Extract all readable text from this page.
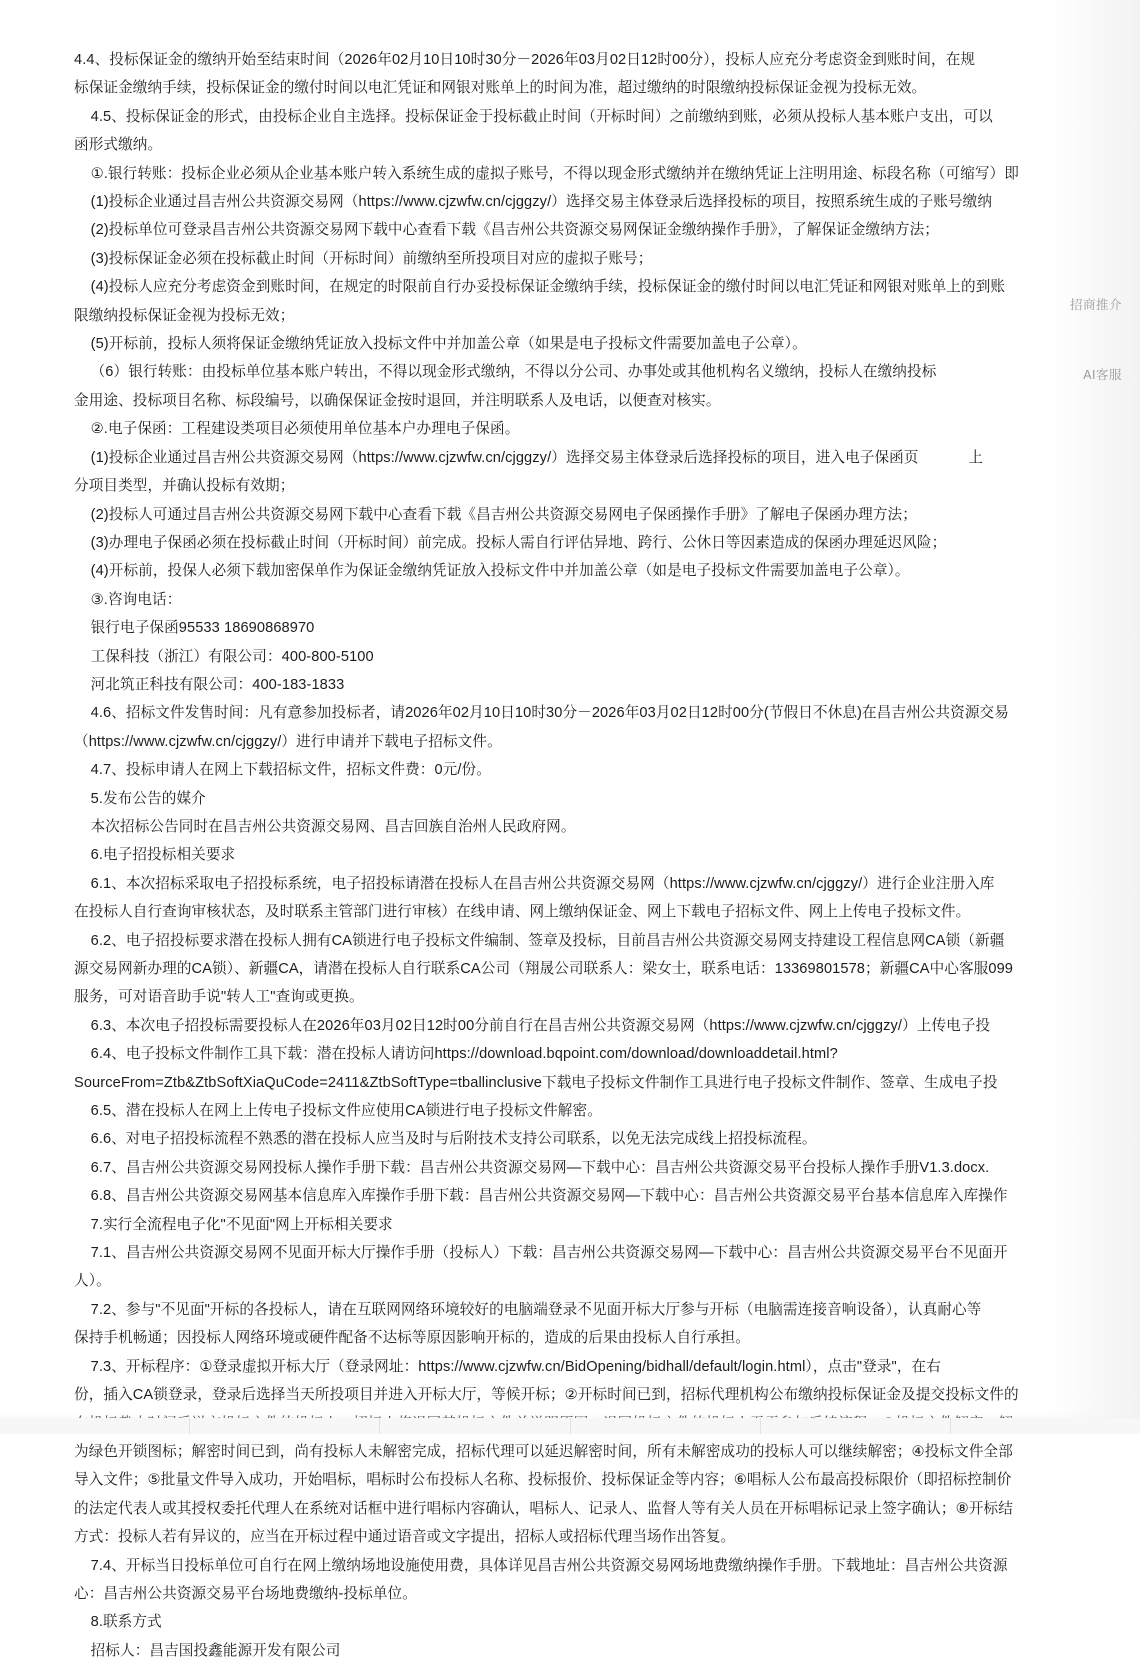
4.4、投标保证金的缴纳开始至结束时间（2026年02月10日10时30分－2026年03月02日12时00分），投标人应充分考虑资金到账时间，在规

标保证金缴纳手续，投标保证金的缴付时间以电汇凭证和网银对账单上的时间为准，超过缴纳的时限缴纳投标保证金视为投标无效。

4.5、投标保证金的形式，由投标企业自主选择。投标保证金于投标截止时间（开标时间）之前缴纳到账，必须从投标人基本账户支出，可以

函形式缴纳。

①.银行转账：投标企业必须从企业基本账户转入系统生成的虚拟子账号，不得以现金形式缴纳并在缴纳凭证上注明用途、标段名称（可缩写）即

(1)投标企业通过昌吉州公共资源交易网（https://www.cjzwfw.cn/cjggzy/）选择交易主体登录后选择投标的项目，按照系统生成的子账号缴纳

(2)投标单位可登录昌吉州公共资源交易网下载中心查看下载《昌吉州公共资源交易网保证金缴纳操作手册》，了解保证金缴纳方法；

(3)投标保证金必须在投标截止时间（开标时间）前缴纳至所投项目对应的虚拟子账号；

(4)投标人应充分考虑资金到账时间，在规定的时限前自行办妥投标保证金缴纳手续，投标保证金的缴付时间以电汇凭证和网银对账单上的到账

限缴纳投标保证金视为投标无效；

(5)开标前，投标人须将保证金缴纳凭证放入投标文件中并加盖公章（如果是电子投标文件需要加盖电子公章）。

（6）银行转账：由投标单位基本账户转出，不得以现金形式缴纳，不得以分公司、办事处或其他机构名义缴纳，投标人在缴纳投标

金用途、投标项目名称、标段编号，以确保保证金按时退回，并注明联系人及电话，以便查对核实。

②.电子保函：工程建设类项目必须使用单位基本户办理电子保函。

(1)投标企业通过昌吉州公共资源交易网（https://www.cjzwfw.cn/cjggzy/）选择交易主体登录后选择投标的项目，进入电子保函页            上

分项目类型，并确认投标有效期；

(2)投标人可通过昌吉州公共资源交易网下载中心查看下载《昌吉州公共资源交易网电子保函操作手册》了解电子保函办理方法；

(3)办理电子保函必须在投标截止时间（开标时间）前完成。投标人需自行评估异地、跨行、公休日等因素造成的保函办理延迟风险；

(4)开标前，投保人必须下载加密保单作为保证金缴纳凭证放入投标文件中并加盖公章（如是电子投标文件需要加盖电子公章）。

③.咨询电话：

银行电子保函95533 18690868970

工保科技（浙江）有限公司：400-800-5100

河北筑正科技有限公司：400-183-1833

4.6、招标文件发售时间：凡有意参加投标者，请2026年02月10日10时30分－2026年03月02日12时00分(节假日不休息)在昌吉州公共资源交易

（https://www.cjzwfw.cn/cjggzy/）进行申请并下载电子招标文件。

4.7、投标申请人在网上下载招标文件，招标文件费：0元/份。

5.发布公告的媒介

本次招标公告同时在昌吉州公共资源交易网、昌吉回族自治州人民政府网。

6.电子招投标相关要求

6.1、本次招标采取电子招投标系统，电子招投标请潜在投标人在昌吉州公共资源交易网（https://www.cjzwfw.cn/cjggzy/）进行企业注册入库

在投标人自行查询审核状态，及时联系主管部门进行审核）在线申请、网上缴纳保证金、网上下载电子招标文件、网上上传电子投标文件。

6.2、电子招投标要求潜在投标人拥有CA锁进行电子投标文件编制、签章及投标，目前昌吉州公共资源交易网支持建设工程信息网CA锁（新疆

源交易网新办理的CA锁）、新疆CA，请潜在投标人自行联系CA公司（翔晟公司联系人：梁女士，联系电话：13369801578；新疆CA中心客服099

服务，可对语音助手说"转人工"查询或更换。

6.3、本次电子招投标需要投标人在2026年03月02日12时00分前自行在昌吉州公共资源交易网（https://www.cjzwfw.cn/cjggzy/）上传电子投

6.4、电子投标文件制作工具下载：潜在投标人请访问https://download.bqpoint.com/download/downloaddetail.html?

SourceFrom=Ztb&ZtbSoftXiaQuCode=2411&ZtbSoftType=tballinclusive下载电子投标文件制作工具进行电子投标文件制作、签章、生成电子投

6.5、潜在投标人在网上上传电子投标文件应使用CA锁进行电子投标文件解密。

6.6、对电子招投标流程不熟悉的潜在投标人应当及时与后附技术支持公司联系，以免无法完成线上招投标流程。

6.7、昌吉州公共资源交易网投标人操作手册下载：昌吉州公共资源交易网—下载中心：昌吉州公共资源交易平台投标人操作手册V1.3.docx.

6.8、昌吉州公共资源交易网基本信息库入库操作手册下载：昌吉州公共资源交易网—下载中心：昌吉州公共资源交易平台基本信息库入库操作

7.实行全流程电子化"不见面"网上开标相关要求

7.1、昌吉州公共资源交易网不见面开标大厅操作手册（投标人）下载：昌吉州公共资源交易网—下载中心：昌吉州公共资源交易平台不见面开

人）。

7.2、参与"不见面"开标的各投标人，请在互联网网络环境较好的电脑端登录不见面开标大厅参与开标（电脑需连接音响设备），认真耐心等

保持手机畅通；因投标人网络环境或硬件配备不达标等原因影响开标的，造成的后果由投标人自行承担。

7.3、开标程序：①登录虚拟开标大厅（登录网址：https://www.cjzwfw.cn/BidOpening/bidhall/default/login.html），点击"登录"，在右

份，插入CA锁登录，登录后选择当天所投项目并进入开标大厅，等候开标；②开标时间已到，招标代理机构公布缴纳投标保证金及提交投标文件的

为绿色开锁图标；解密时间已到，尚有投标人未解密完成，招标代理可以延迟解密时间，所有未解密成功的投标人可以继续解密；④投标文件全部

导入文件；⑤批量文件导入成功，开始唱标，唱标时公布投标人名称、投标报价、投标保证金等内容；⑥唱标人公布最高投标限价（即招标控制价

的法定代表人或其授权委托代理人在系统对话框中进行唱标内容确认，唱标人、记录人、监督人等有关人员在开标唱标记录上签字确认；⑧开标结

方式：投标人若有异议的，应当在开标过程中通过语音或文字提出，招标人或招标代理当场作出答复。

7.4、开标当日投标单位可自行在网上缴纳场地设施使用费，具体详见昌吉州公共资源交易网场地费缴纳操作手册。下载地址：昌吉州公共资源

心：昌吉州公共资源交易平台场地费缴纳-投标单位。

8.联系方式

招标人：昌吉国投鑫能源开发有限公司

招商推介
AI客服
